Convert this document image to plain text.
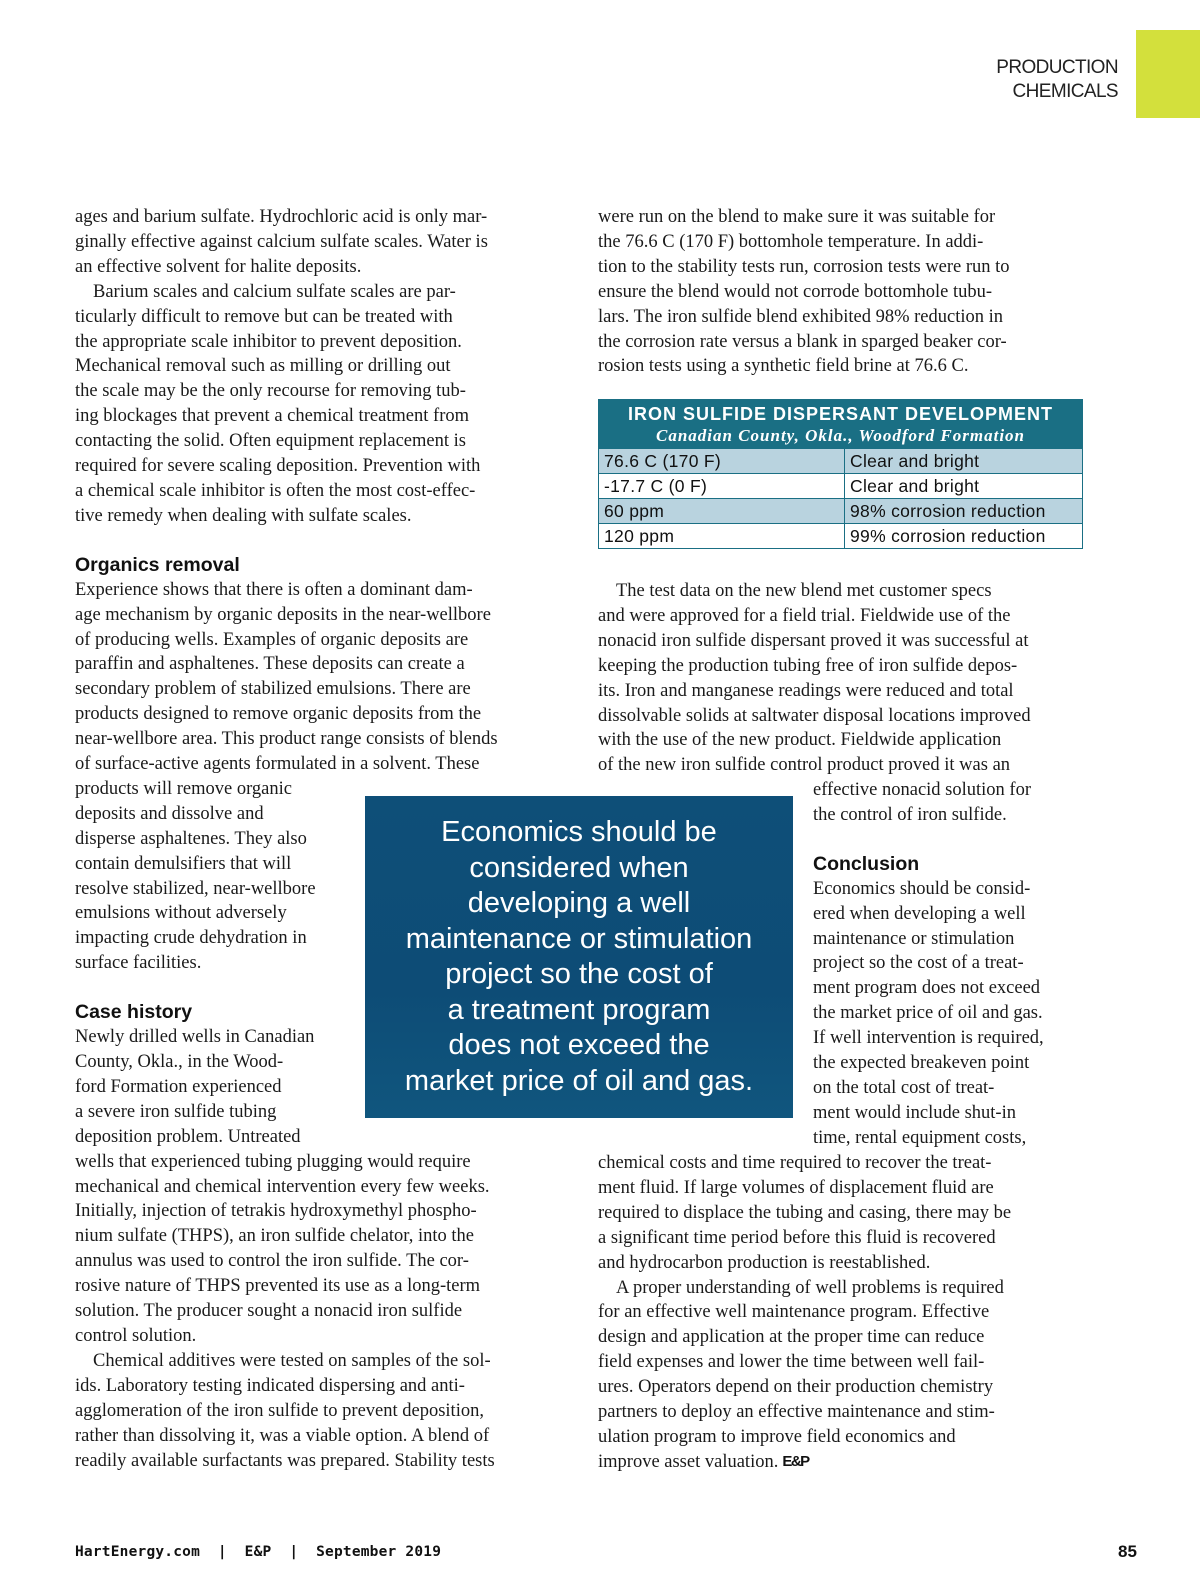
PRODUCTION
CHEMICALS
ages and barium sulfate. Hydrochloric acid is only mar-
ginally effective against calcium sulfate scales. Water is
an effective solvent for halite deposits.
Barium scales and calcium sulfate scales are par-
ticularly difficult to remove but can be treated with
the appropriate scale inhibitor to prevent deposition.
Mechanical removal such as milling or drilling out
the scale may be the only recourse for removing tub-
ing blockages that prevent a chemical treatment from
contacting the solid. Often equipment replacement is
required for severe scaling deposition. Prevention with
a chemical scale inhibitor is often the most cost-effec-
tive remedy when dealing with sulfate scales.
Organics removal
Experience shows that there is often a dominant dam-
age mechanism by organic deposits in the near-wellbore
of producing wells. Examples of organic deposits are
paraffin and asphaltenes. These deposits can create a
secondary problem of stabilized emulsions. There are
products designed to remove organic deposits from the
near-wellbore area. This product range consists of blends
of surface-active agents formulated in a solvent. These
products will remove organic
deposits and dissolve and
disperse asphaltenes. They also
contain demulsifiers that will
resolve stabilized, near-wellbore
emulsions without adversely
impacting crude dehydration in
surface facilities.
Case history
Newly drilled wells in Canadian
County, Okla., in the Wood-
ford Formation experienced
a severe iron sulfide tubing
deposition problem. Untreated
wells that experienced tubing plugging would require
mechanical and chemical intervention every few weeks.
Initially, injection of tetrakis hydroxymethyl phospho-
nium sulfate (THPS), an iron sulfide chelator, into the
annulus was used to control the iron sulfide. The cor-
rosive nature of THPS prevented its use as a long-term
solution. The producer sought a nonacid iron sulfide
control solution.
Chemical additives were tested on samples of the sol-
ids. Laboratory testing indicated dispersing and anti-
agglomeration of the iron sulfide to prevent deposition,
rather than dissolving it, was a viable option. A blend of
readily available surfactants was prepared. Stability tests
were run on the blend to make sure it was suitable for
the 76.6 C (170 F) bottomhole temperature. In addi-
tion to the stability tests run, corrosion tests were run to
ensure the blend would not corrode bottomhole tubu-
lars. The iron sulfide blend exhibited 98% reduction in
the corrosion rate versus a blank in sparged beaker cor-
rosion tests using a synthetic field brine at 76.6 C.
IRON SULFIDE DISPERSANT DEVELOPMENT
Canadian County, Okla., Woodford Formation
76.6 C (170 F)	Clear and bright
-17.7 C (0 F)	Clear and bright
60 ppm	98% corrosion reduction
120 ppm	99% corrosion reduction
The test data on the new blend met customer specs
and were approved for a field trial. Fieldwide use of the
nonacid iron sulfide dispersant proved it was successful at
keeping the production tubing free of iron sulfide depos-
its. Iron and manganese readings were reduced and total
dissolvable solids at saltwater disposal locations improved
with the use of the new product. Fieldwide application
of the new iron sulfide control product proved it was an
effective nonacid solution for
the control of iron sulfide.
Conclusion
Economics should be consid-
ered when developing a well
maintenance or stimulation
project so the cost of a treat-
ment program does not exceed
the market price of oil and gas.
If well intervention is required,
the expected breakeven point
on the total cost of treat-
ment would include shut-in
time, rental equipment costs,
chemical costs and time required to recover the treat-
ment fluid. If large volumes of displacement fluid are
required to displace the tubing and casing, there may be
a significant time period before this fluid is recovered
and hydrocarbon production is reestablished.
A proper understanding of well problems is required
for an effective well maintenance program. Effective
design and application at the proper time can reduce
field expenses and lower the time between well fail-
ures. Operators depend on their production chemistry
partners to deploy an effective maintenance and stim-
ulation program to improve field economics and
improve asset valuation. E&P

Economics should be
considered when
developing a well
maintenance or stimulation
project so the cost of
a treatment program
does not exceed the
market price of oil and gas.

HartEnergy.com  |  E&P  |  September 2019	85
